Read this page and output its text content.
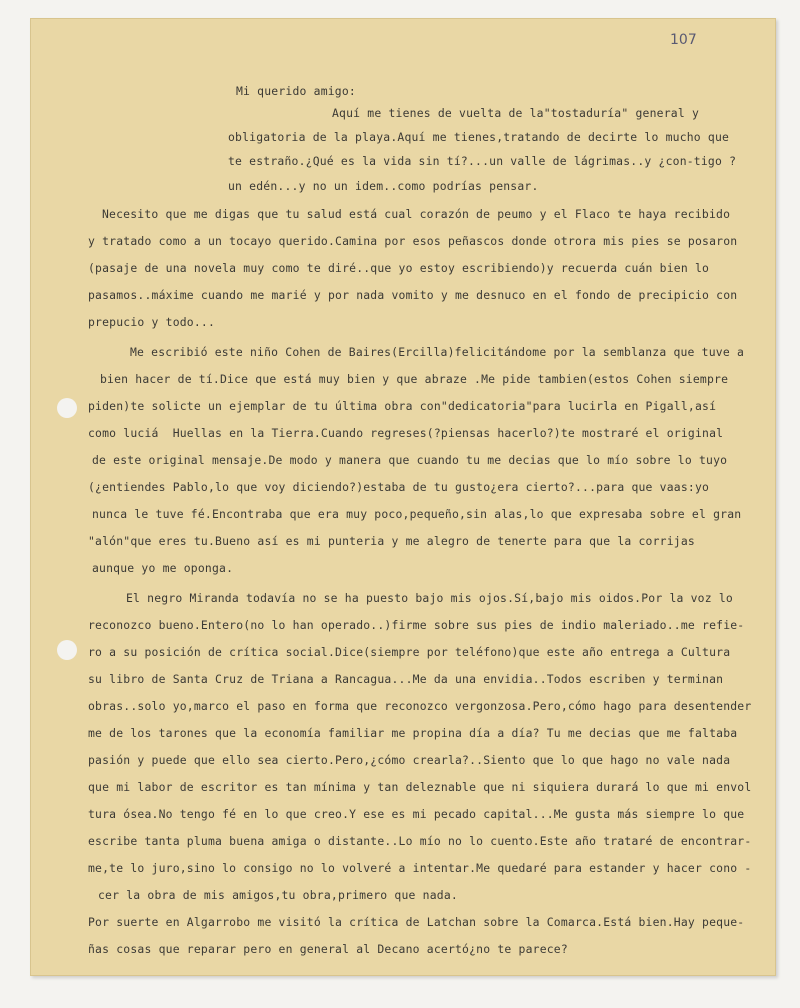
107
Mi querido amigo:
Aquí me tienes de vuelta de la"tostaduría" general y
obligatoria de la playa.Aquí me tienes,tratando de decirte lo mucho que
te estraño.¿Qué es la vida sin tí?...un valle de lágrimas..y ¿con-tigo ?
un edén...y no un idem..como podrías pensar.
Necesito que me digas que tu salud está cual corazón de peumo y el Flaco te haya recibido
y tratado como a un tocayo querido.Camina por esos peñascos donde otrora mis pies se posaron
(pasaje de una novela muy como te diré..que yo estoy escribiendo)y recuerda cuán bien lo
pasamos..máxime cuando me marié y por nada vomito y me desnuco en el fondo de precipicio con
prepucio y todo...
Me escribió este niño Cohen de Baires(Ercilla)felicitándome por la semblanza que tuve a
bien hacer de tí.Dice que está muy bien y que abraze .Me pide tambien(estos Cohen siempre
piden)te solicte un ejemplar de tu última obra con"dedicatoria"para lucirla en Pigall,así
como luciá  Huellas en la Tierra.Cuando regreses(?piensas hacerlo?)te mostraré el original
de este original mensaje.De modo y manera que cuando tu me decias que lo mío sobre lo tuyo
(¿entiendes Pablo,lo que voy diciendo?)estaba de tu gusto¿era cierto?...para que vaas:yo
nunca le tuve fé.Encontraba que era muy poco,pequeño,sin alas,lo que expresaba sobre el gran
"alón"que eres tu.Bueno así es mi punteria y me alegro de tenerte para que la corrijas
aunque yo me oponga.
El negro Miranda todavía no se ha puesto bajo mis ojos.Sí,bajo mis oidos.Por la voz lo
reconozco bueno.Entero(no lo han operado..)firme sobre sus pies de indio maleriado..me refie-
ro a su posición de crítica social.Dice(siempre por teléfono)que este año entrega a Cultura
su libro de Santa Cruz de Triana a Rancagua...Me da una envidia..Todos escriben y terminan
obras..solo yo,marco el paso en forma que reconozco vergonzosa.Pero,cómo hago para desentender
me de los tarones que la economía familiar me propina día a día? Tu me decias que me faltaba
pasión y puede que ello sea cierto.Pero,¿cómo crearla?..Siento que lo que hago no vale nada
que mi labor de escritor es tan mínima y tan deleznable que ni siquiera durará lo que mi envol
tura ósea.No tengo fé en lo que creo.Y ese es mi pecado capital...Me gusta más siempre lo que
escribe tanta pluma buena amiga o distante..Lo mío no lo cuento.Este año trataré de encontrar-
me,te lo juro,sino lo consigo no lo volveré a intentar.Me quedaré para estander y hacer cono -
cer la obra de mis amigos,tu obra,primero que nada.
Por suerte en Algarrobo me visitó la crítica de Latchan sobre la Comarca.Está bien.Hay peque-
ñas cosas que reparar pero en general al Decano acertó¿no te parece?
